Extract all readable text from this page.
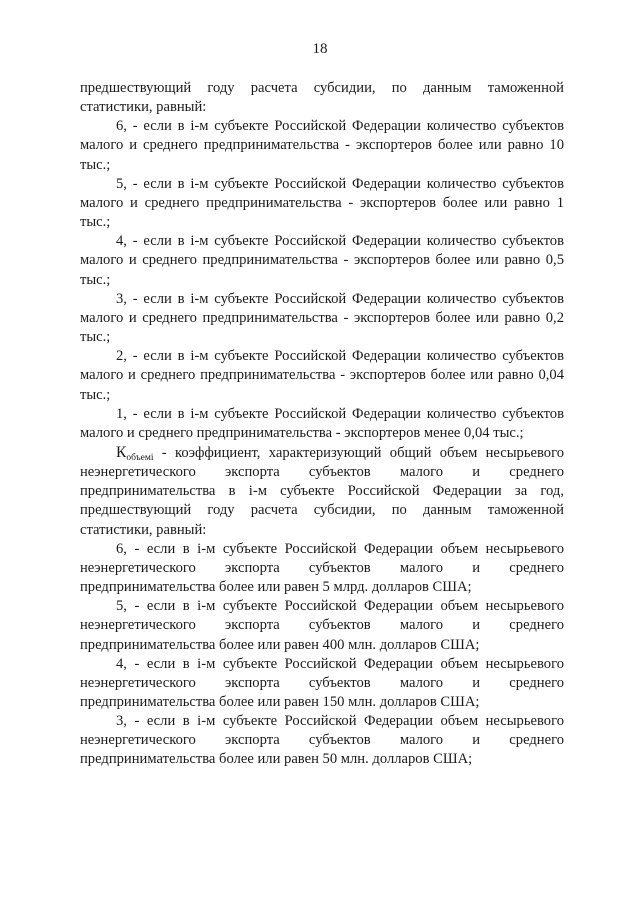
18

предшествующий году расчета субсидии, по данным таможенной статистики, равный:

6, - если в i-м субъекте Российской Федерации количество субъектов малого и среднего предпринимательства - экспортеров более или равно 10 тыс.;

5, - если в i-м субъекте Российской Федерации количество субъектов малого и среднего предпринимательства - экспортеров более или равно 1 тыс.;

4, - если в i-м субъекте Российской Федерации количество субъектов малого и среднего предпринимательства - экспортеров более или равно 0,5 тыс.;

3, - если в i-м субъекте Российской Федерации количество субъектов малого и среднего предпринимательства - экспортеров более или равно 0,2 тыс.;

2, - если в i-м субъекте Российской Федерации количество субъектов малого и среднего предпринимательства - экспортеров более или равно 0,04 тыс.;

1, - если в i-м субъекте Российской Федерации количество субъектов малого и среднего предпринимательства - экспортеров менее 0,04 тыс.;

$К_{объемi}$ - коэффициент, характеризующий общий объем несырьевого неэнергетического экспорта субъектов малого и среднего предпринимательства в i-м субъекте Российской Федерации за год, предшествующий году расчета субсидии, по данным таможенной статистики, равный:

6, - если в i-м субъекте Российской Федерации объем несырьевого неэнергетического экспорта субъектов малого и среднего предпринимательства более или равен 5 млрд. долларов США;

5, - если в i-м субъекте Российской Федерации объем несырьевого неэнергетического экспорта субъектов малого и среднего предпринимательства более или равен 400 млн. долларов США;

4, - если в i-м субъекте Российской Федерации объем несырьевого неэнергетического экспорта субъектов малого и среднего предпринимательства более или равен 150 млн. долларов США;

3, - если в i-м субъекте Российской Федерации объем несырьевого неэнергетического экспорта субъектов малого и среднего предпринимательства более или равен 50 млн. долларов США;
